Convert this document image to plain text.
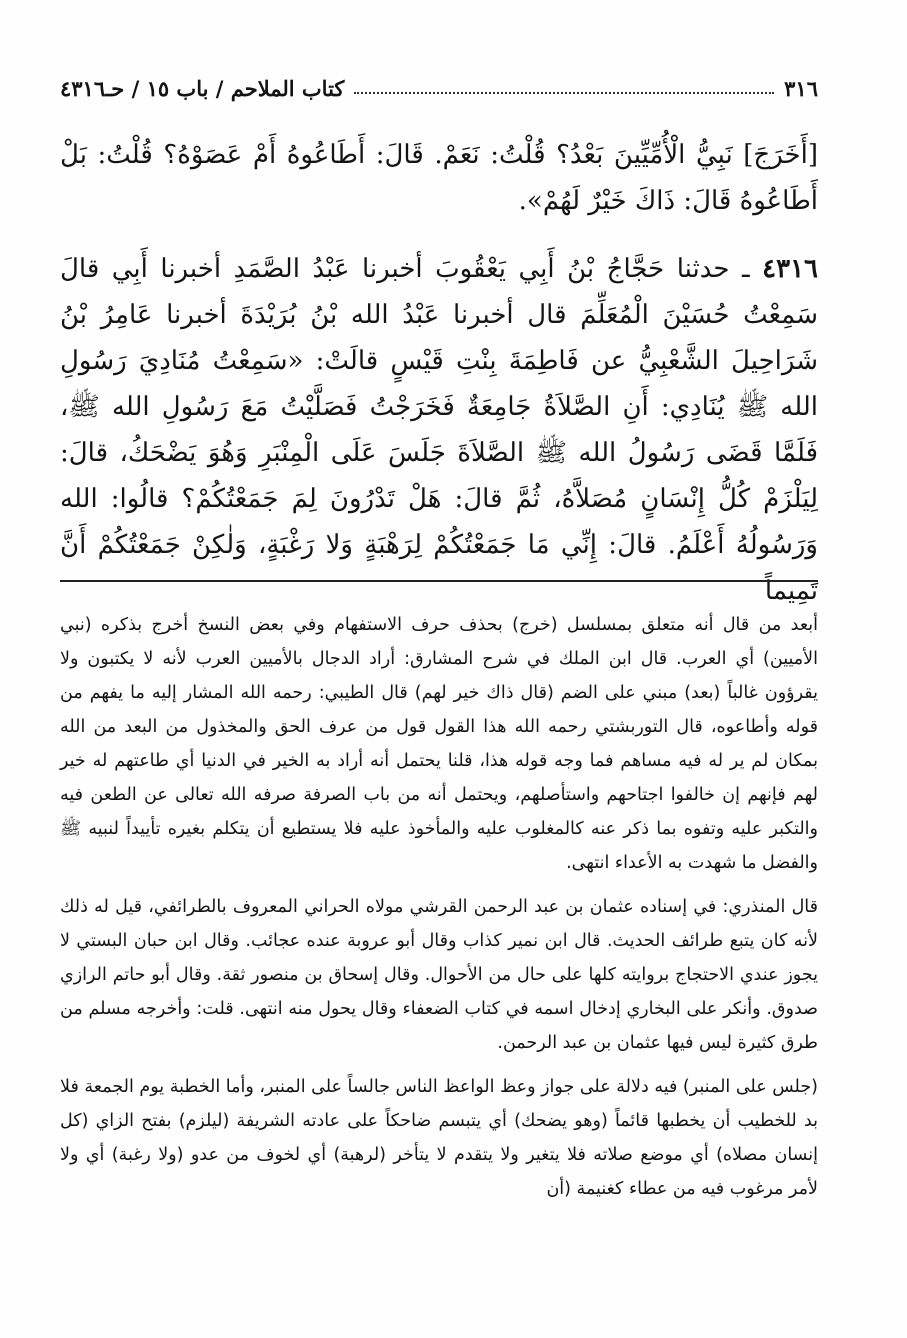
٣١٦
كتاب الملاحم / باب ١٥ / حـ٤٣١٦

[أَخَرَجَ] نَبِيُّ الْأُمِّيِّينَ بَعْدُ؟ قُلْتُ: نَعَمْ. قَالَ: أَطَاعُوهُ أَمْ عَصَوْهُ؟ قُلْتُ: بَلْ أَطَاعُوهُ قَالَ: ذَاكَ خَيْرٌ لَهُمْ».

٤٣١٦ ـ حدثنا حَجَّاجُ بْنُ أَبِي يَعْقُوبَ أخبرنا عَبْدُ الصَّمَدِ أخبرنا أَبِي قالَ سَمِعْتُ حُسَيْنَ الْمُعَلِّمَ قال أخبرنا عَبْدُ الله بْنُ بُرَيْدَةَ أخبرنا عَامِرُ بْنُ شَرَاحِيلَ الشَّعْبِيُّ عن فَاطِمَةَ بِنْتِ قَيْسٍ قالَتْ: «سَمِعْتُ مُنَادِيَ رَسُولِ الله ﷺ يُنَادِي: أَنِ الصَّلاَةُ جَامِعَةٌ فَخَرَجْتُ فَصَلَّيْتُ مَعَ رَسُولِ الله ﷺ، فَلَمَّا قَضَى رَسُولُ الله ﷺ الصَّلاَةَ جَلَسَ عَلَى الْمِنْبَرِ وَهُوَ يَضْحَكُ، قالَ: لِيَلْزَمْ كُلُّ إِنْسَانٍ مُصَلاَّهُ، ثُمَّ قالَ: هَلْ تَدْرُونَ لِمَ جَمَعْتُكُمْ؟ قالُوا: الله وَرَسُولُهُ أَعْلَمُ. قالَ: إِنِّي مَا جَمَعْتُكُمْ لِرَهْبَةٍ وَلا رَغْبَةٍ، وَلٰكِنْ جَمَعْتُكُمْ أَنَّ تَمِيماً

أبعد من قال أنه متعلق بمسلسل (خرج) بحذف حرف الاستفهام وفي بعض النسخ أخرج بذكره (نبي الأميين) أي العرب. قال ابن الملك في شرح المشارق: أراد الدجال بالأميين العرب لأنه لا يكتبون ولا يقرؤون غالباً (بعد) مبني على الضم (قال ذاك خير لهم) قال الطيبي: رحمه الله المشار إليه ما يفهم من قوله وأطاعوه، قال التوربشتي رحمه الله هذا القول قول من عرف الحق والمخذول من البعد من الله بمكان لم ير له فيه مساهم فما وجه قوله هذا، قلنا يحتمل أنه أراد به الخير في الدنيا أي طاعتهم له خير لهم فإنهم إن خالفوا اجتاحهم واستأصلهم، ويحتمل أنه من باب الصرفة صرفه الله تعالى عن الطعن فيه والتكبر عليه وتفوه بما ذكر عنه كالمغلوب عليه والمأخوذ عليه فلا يستطيع أن يتكلم بغيره تأييداً لنبيه ﷺ والفضل ما شهدت به الأعداء انتهى.

قال المنذري: في إسناده عثمان بن عبد الرحمن القرشي مولاه الحراني المعروف بالطرائفي، قيل له ذلك لأنه كان يتبع طرائف الحديث. قال ابن نمير كذاب وقال أبو عروبة عنده عجائب. وقال ابن حبان البستي لا يجوز عندي الاحتجاج بروايته كلها على حال من الأحوال. وقال إسحاق بن منصور ثقة. وقال أبو حاتم الرازي صدوق. وأنكر على البخاري إدخال اسمه في كتاب الضعفاء وقال يحول منه انتهى. قلت: وأخرجه مسلم من طرق كثيرة ليس فيها عثمان بن عبد الرحمن.

(جلس على المنبر) فيه دلالة على جواز وعظ الواعظ الناس جالساً على المنبر، وأما الخطبة يوم الجمعة فلا بد للخطيب أن يخطبها قائماً (وهو يضحك) أي يتبسم ضاحكاً على عادته الشريفة (ليلزم) بفتح الزاي (كل إنسان مصلاه) أي موضع صلاته فلا يتغير ولا يتقدم لا يتأخر (لرهبة) أي لخوف من عدو (ولا رغبة) أي ولا لأمر مرغوب فيه من عطاء كغنيمة (أن
